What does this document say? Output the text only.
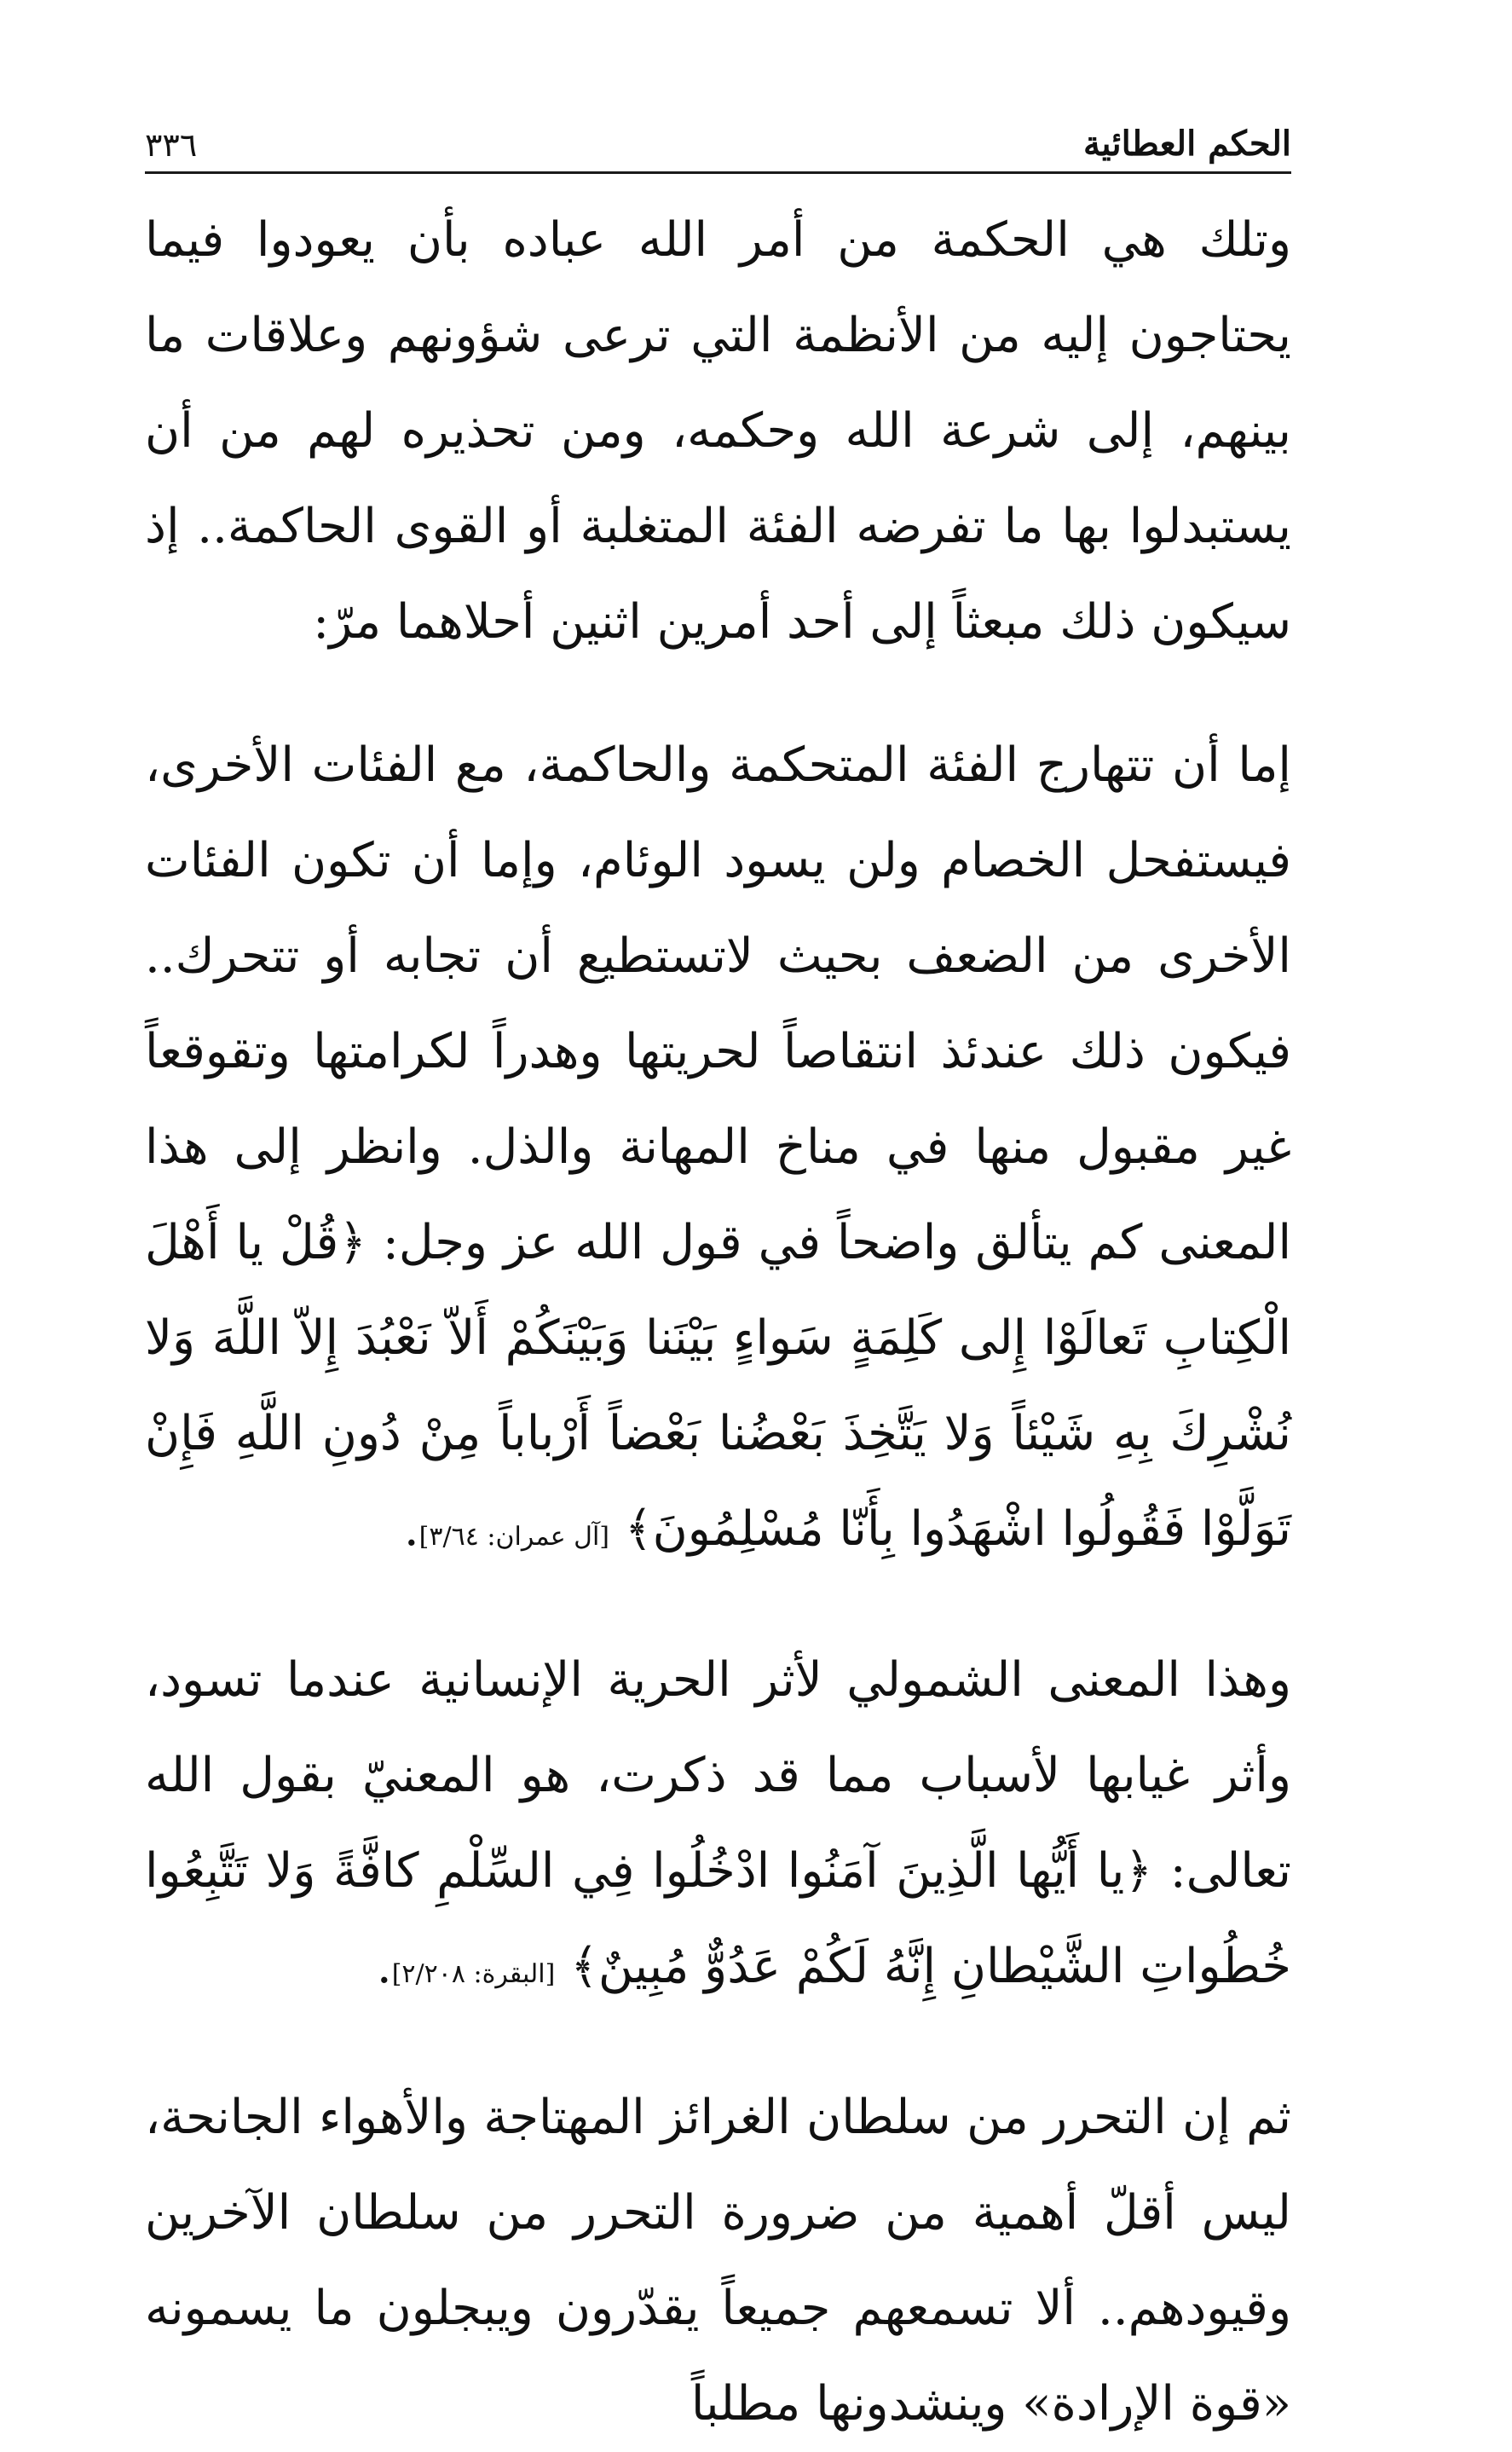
الحكم العطائية
٣٣٦

وتلك هي الحكمة من أمر الله عباده بأن يعودوا فيما يحتاجون إليه من الأنظمة التي ترعى شؤونهم وعلاقات ما بينهم، إلى شرعة الله وحكمه، ومن تحذيره لهم من أن يستبدلوا بها ما تفرضه الفئة المتغلبة أو القوى الحاكمة.. إذ سيكون ذلك مبعثاً إلى أحد أمرين اثنين أحلاهما مرّ:

إما أن تتهارج الفئة المتحكمة والحاكمة، مع الفئات الأخرى، فيستفحل الخصام ولن يسود الوئام، وإما أن تكون الفئات الأخرى من الضعف بحيث لاتستطيع أن تجابه أو تتحرك.. فيكون ذلك عندئذ انتقاصاً لحريتها وهدراً لكرامتها وتقوقعاً غير مقبول منها في مناخ المهانة والذل. وانظر إلى هذا المعنى كم يتألق واضحاً في قول الله عز وجل: ﴿قُلْ يا أَهْلَ الْكِتابِ تَعالَوْا إِلى كَلِمَةٍ سَواءٍ بَيْنَنا وَبَيْنَكُمْ أَلاّ نَعْبُدَ إِلاّ اللَّهَ وَلا نُشْرِكَ بِهِ شَيْئاً وَلا يَتَّخِذَ بَعْضُنا بَعْضاً أَرْباباً مِنْ دُونِ اللَّهِ فَإِنْ تَوَلَّوْا فَقُولُوا اشْهَدُوا بِأَنّا مُسْلِمُونَ﴾ [آل عمران: ٣/٦٤].

وهذا المعنى الشمولي لأثر الحرية الإنسانية عندما تسود، وأثر غيابها لأسباب مما قد ذكرت، هو المعنيّ بقول الله تعالى: ﴿يا أَيُّها الَّذِينَ آمَنُوا ادْخُلُوا فِي السِّلْمِ كافَّةً وَلا تَتَّبِعُوا خُطُواتِ الشَّيْطانِ إِنَّهُ لَكُمْ عَدُوٌّ مُبِينٌ﴾ [البقرة: ٢/٢٠٨].

ثم إن التحرر من سلطان الغرائز المهتاجة والأهواء الجانحة، ليس أقلّ أهمية من ضرورة التحرر من سلطان الآخرين وقيودهم.. ألا تسمعهم جميعاً يقدّرون ويبجلون ما يسمونه «قوة الإرادة» وينشدونها مطلباً
